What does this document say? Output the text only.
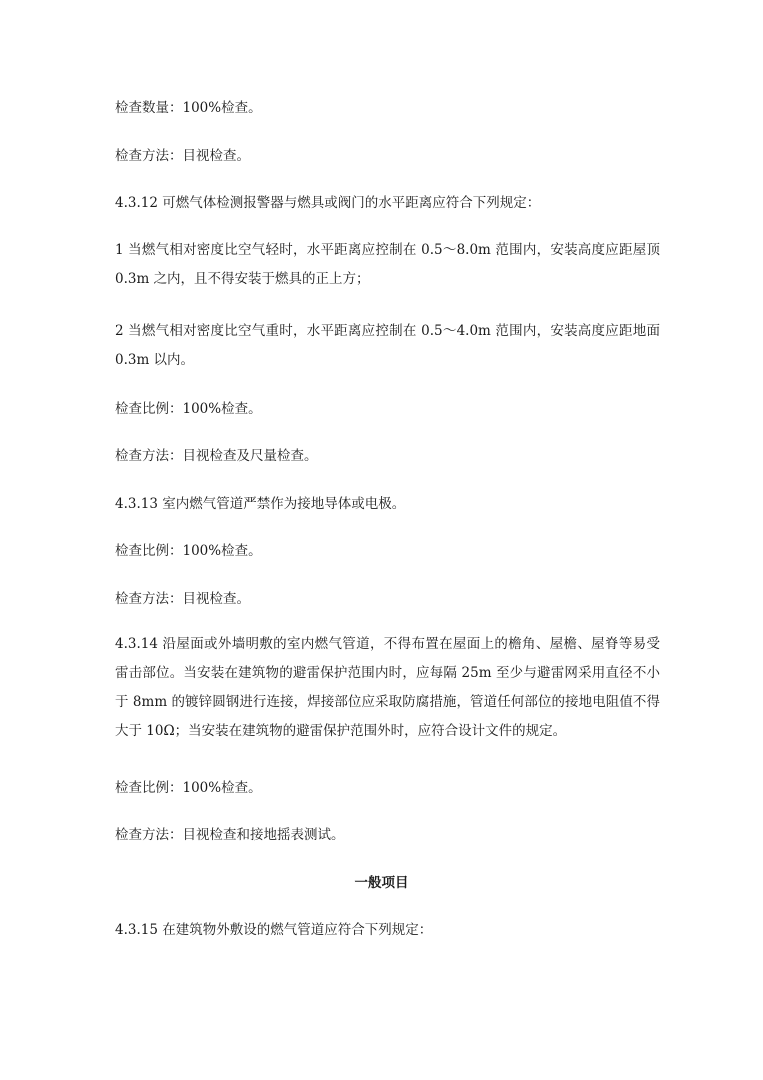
检查数量：100%检查。
检查方法：目视检查。
4.3.12 可燃气体检测报警器与燃具或阀门的水平距离应符合下列规定：
1 当燃气相对密度比空气轻时，水平距离应控制在 0.5～8.0m 范围内，安装高度应距屋顶 0.3m 之内，且不得安装于燃具的正上方；
2 当燃气相对密度比空气重时，水平距离应控制在 0.5～4.0m 范围内，安装高度应距地面 0.3m 以内。
检查比例：100%检查。
检查方法：目视检查及尺量检查。
4.3.13 室内燃气管道严禁作为接地导体或电极。
检查比例：100%检查。
检查方法：目视检查。
4.3.14 沿屋面或外墙明敷的室内燃气管道，不得布置在屋面上的檐角、屋檐、屋脊等易受雷击部位。当安装在建筑物的避雷保护范围内时，应每隔 25m 至少与避雷网采用直径不小于 8mm 的镀锌圆钢进行连接，焊接部位应采取防腐措施，管道任何部位的接地电阻值不得大于 10Ω；当安装在建筑物的避雷保护范围外时，应符合设计文件的规定。
检查比例：100%检查。
检查方法：目视检查和接地摇表测试。
一般项目
4.3.15 在建筑物外敷设的燃气管道应符合下列规定：
